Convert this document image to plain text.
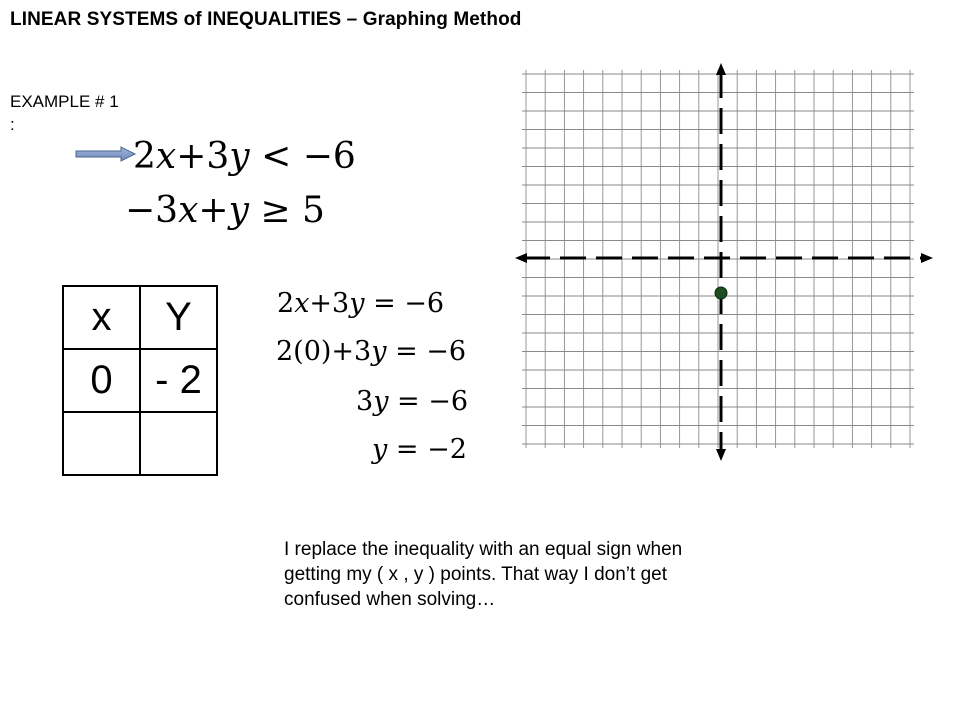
LINEAR SYSTEMS of INEQUALITIES – Graphing Method
EXAMPLE # 1
:
2x+3y < −6
−3x+y ≥ 5
x	Y
0	- 2

2x+3y = −6
2(0)+3y = −6
3y = −6
y = −2
I replace the inequality with an equal sign when getting my ( x , y ) points. That way I don’t get confused when solving…
